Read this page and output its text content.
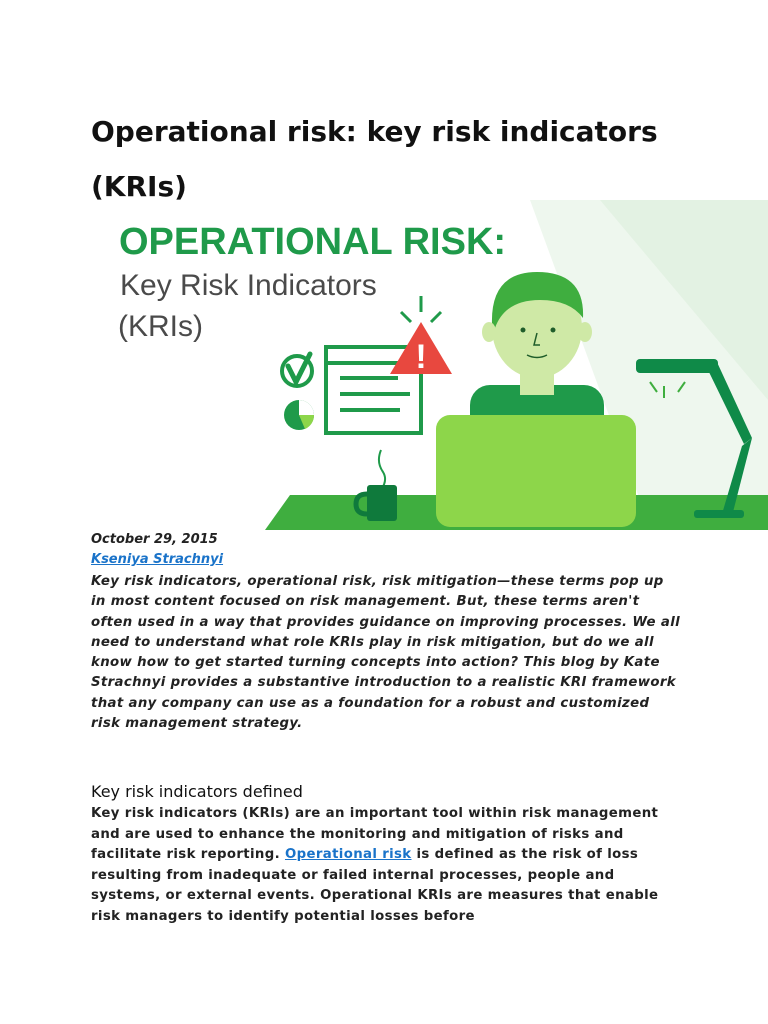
Operational risk: key risk indicators (KRIs)
OPERATIONAL RISK:
Key Risk Indicators
(KRIs)
!
October 29, 2015
Kseniya Strachnyi

Key risk indicators, operational risk, risk mitigation—these terms pop up in most content focused on risk management. But, these terms aren't often used in a way that provides guidance on improving processes. We all need to understand what role KRIs play in risk mitigation, but do we all know how to get started turning concepts into action? This blog by Kate Strachnyi provides a substantive introduction to a realistic KRI framework that any company can use as a foundation for a robust and customized risk management strategy.

Key risk indicators defined

Key risk indicators (KRIs) are an important tool within risk management and are used to enhance the monitoring and mitigation of risks and facilitate risk reporting. Operational risk is defined as the risk of loss resulting from inadequate or failed internal processes, people and systems, or external events. Operational KRIs are measures that enable risk managers to identify potential losses before
